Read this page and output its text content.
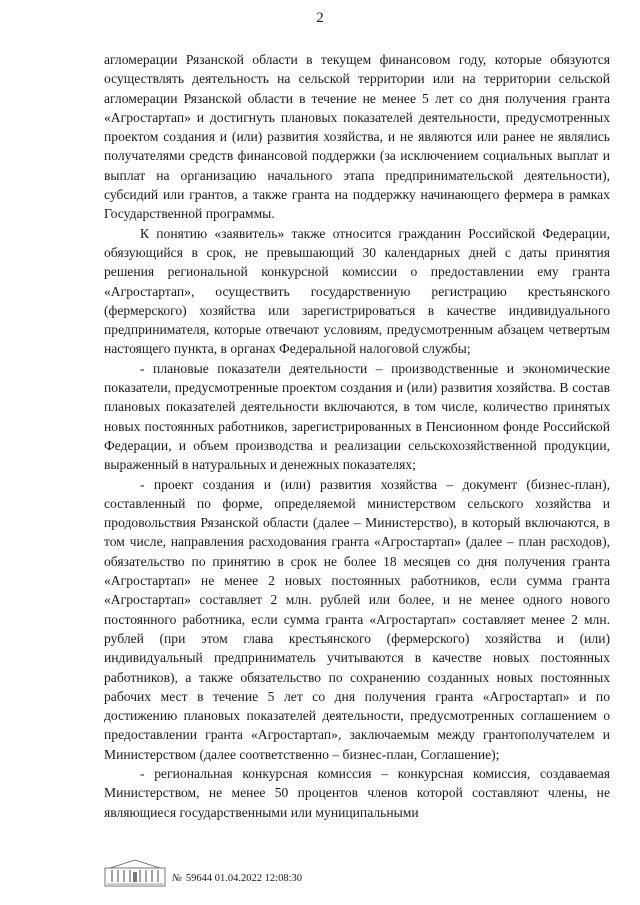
2

агломерации Рязанской области в текущем финансовом году, которые обязуются осуществлять деятельность на сельской территории или на территории сельской агломерации Рязанской области в течение не менее 5 лет со дня получения гранта «Агростартап» и достигнуть плановых показателей деятельности, предусмотренных проектом создания и (или) развития хозяйства, и не являются или ранее не являлись получателями средств финансовой поддержки (за исключением социальных выплат и выплат на организацию начального этапа предпринимательской деятельности), субсидий или грантов, а также гранта на поддержку начинающего фермера в рамках Государственной программы.

К понятию «заявитель» также относится гражданин Российской Федерации, обязующийся в срок, не превышающий 30 календарных дней с даты принятия решения региональной конкурсной комиссии о предоставлении ему гранта «Агростартап», осуществить государственную регистрацию крестьянского (фермерского) хозяйства или зарегистрироваться в качестве индивидуального предпринимателя, которые отвечают условиям, предусмотренным абзацем четвертым настоящего пункта, в органах Федеральной налоговой службы;

- плановые показатели деятельности – производственные и экономические показатели, предусмотренные проектом создания и (или) развития хозяйства. В состав плановых показателей деятельности включаются, в том числе, количество принятых новых постоянных работников, зарегистрированных в Пенсионном фонде Российской Федерации, и объем производства и реализации сельскохозяйственной продукции, выраженный в натуральных и денежных показателях;

- проект создания и (или) развития хозяйства – документ (бизнес-план), составленный по форме, определяемой министерством сельского хозяйства и продовольствия Рязанской области (далее – Министерство), в который включаются, в том числе, направления расходования гранта «Агростартап» (далее – план расходов), обязательство по принятию в срок не более 18 месяцев со дня получения гранта «Агростартап» не менее 2 новых постоянных работников, если сумма гранта «Агростартап» составляет 2 млн. рублей или более, и не менее одного нового постоянного работника, если сумма гранта «Агростартап» составляет менее 2 млн. рублей (при этом глава крестьянского (фермерского) хозяйства и (или) индивидуальный предприниматель учитываются в качестве новых постоянных работников), а также обязательство по сохранению созданных новых постоянных рабочих мест в течение 5 лет со дня получения гранта «Агростартап» и по достижению плановых показателей деятельности, предусмотренных соглашением о предоставлении гранта «Агростартап», заключаемым между грантополучателем и Министерством (далее соответственно – бизнес-план, Соглашение);

- региональная конкурсная комиссия – конкурсная комиссия, создаваемая Министерством, не менее 50 процентов членов которой составляют члены, не являющиеся государственными или муниципальными

№ 59644 01.04.2022 12:08:30
